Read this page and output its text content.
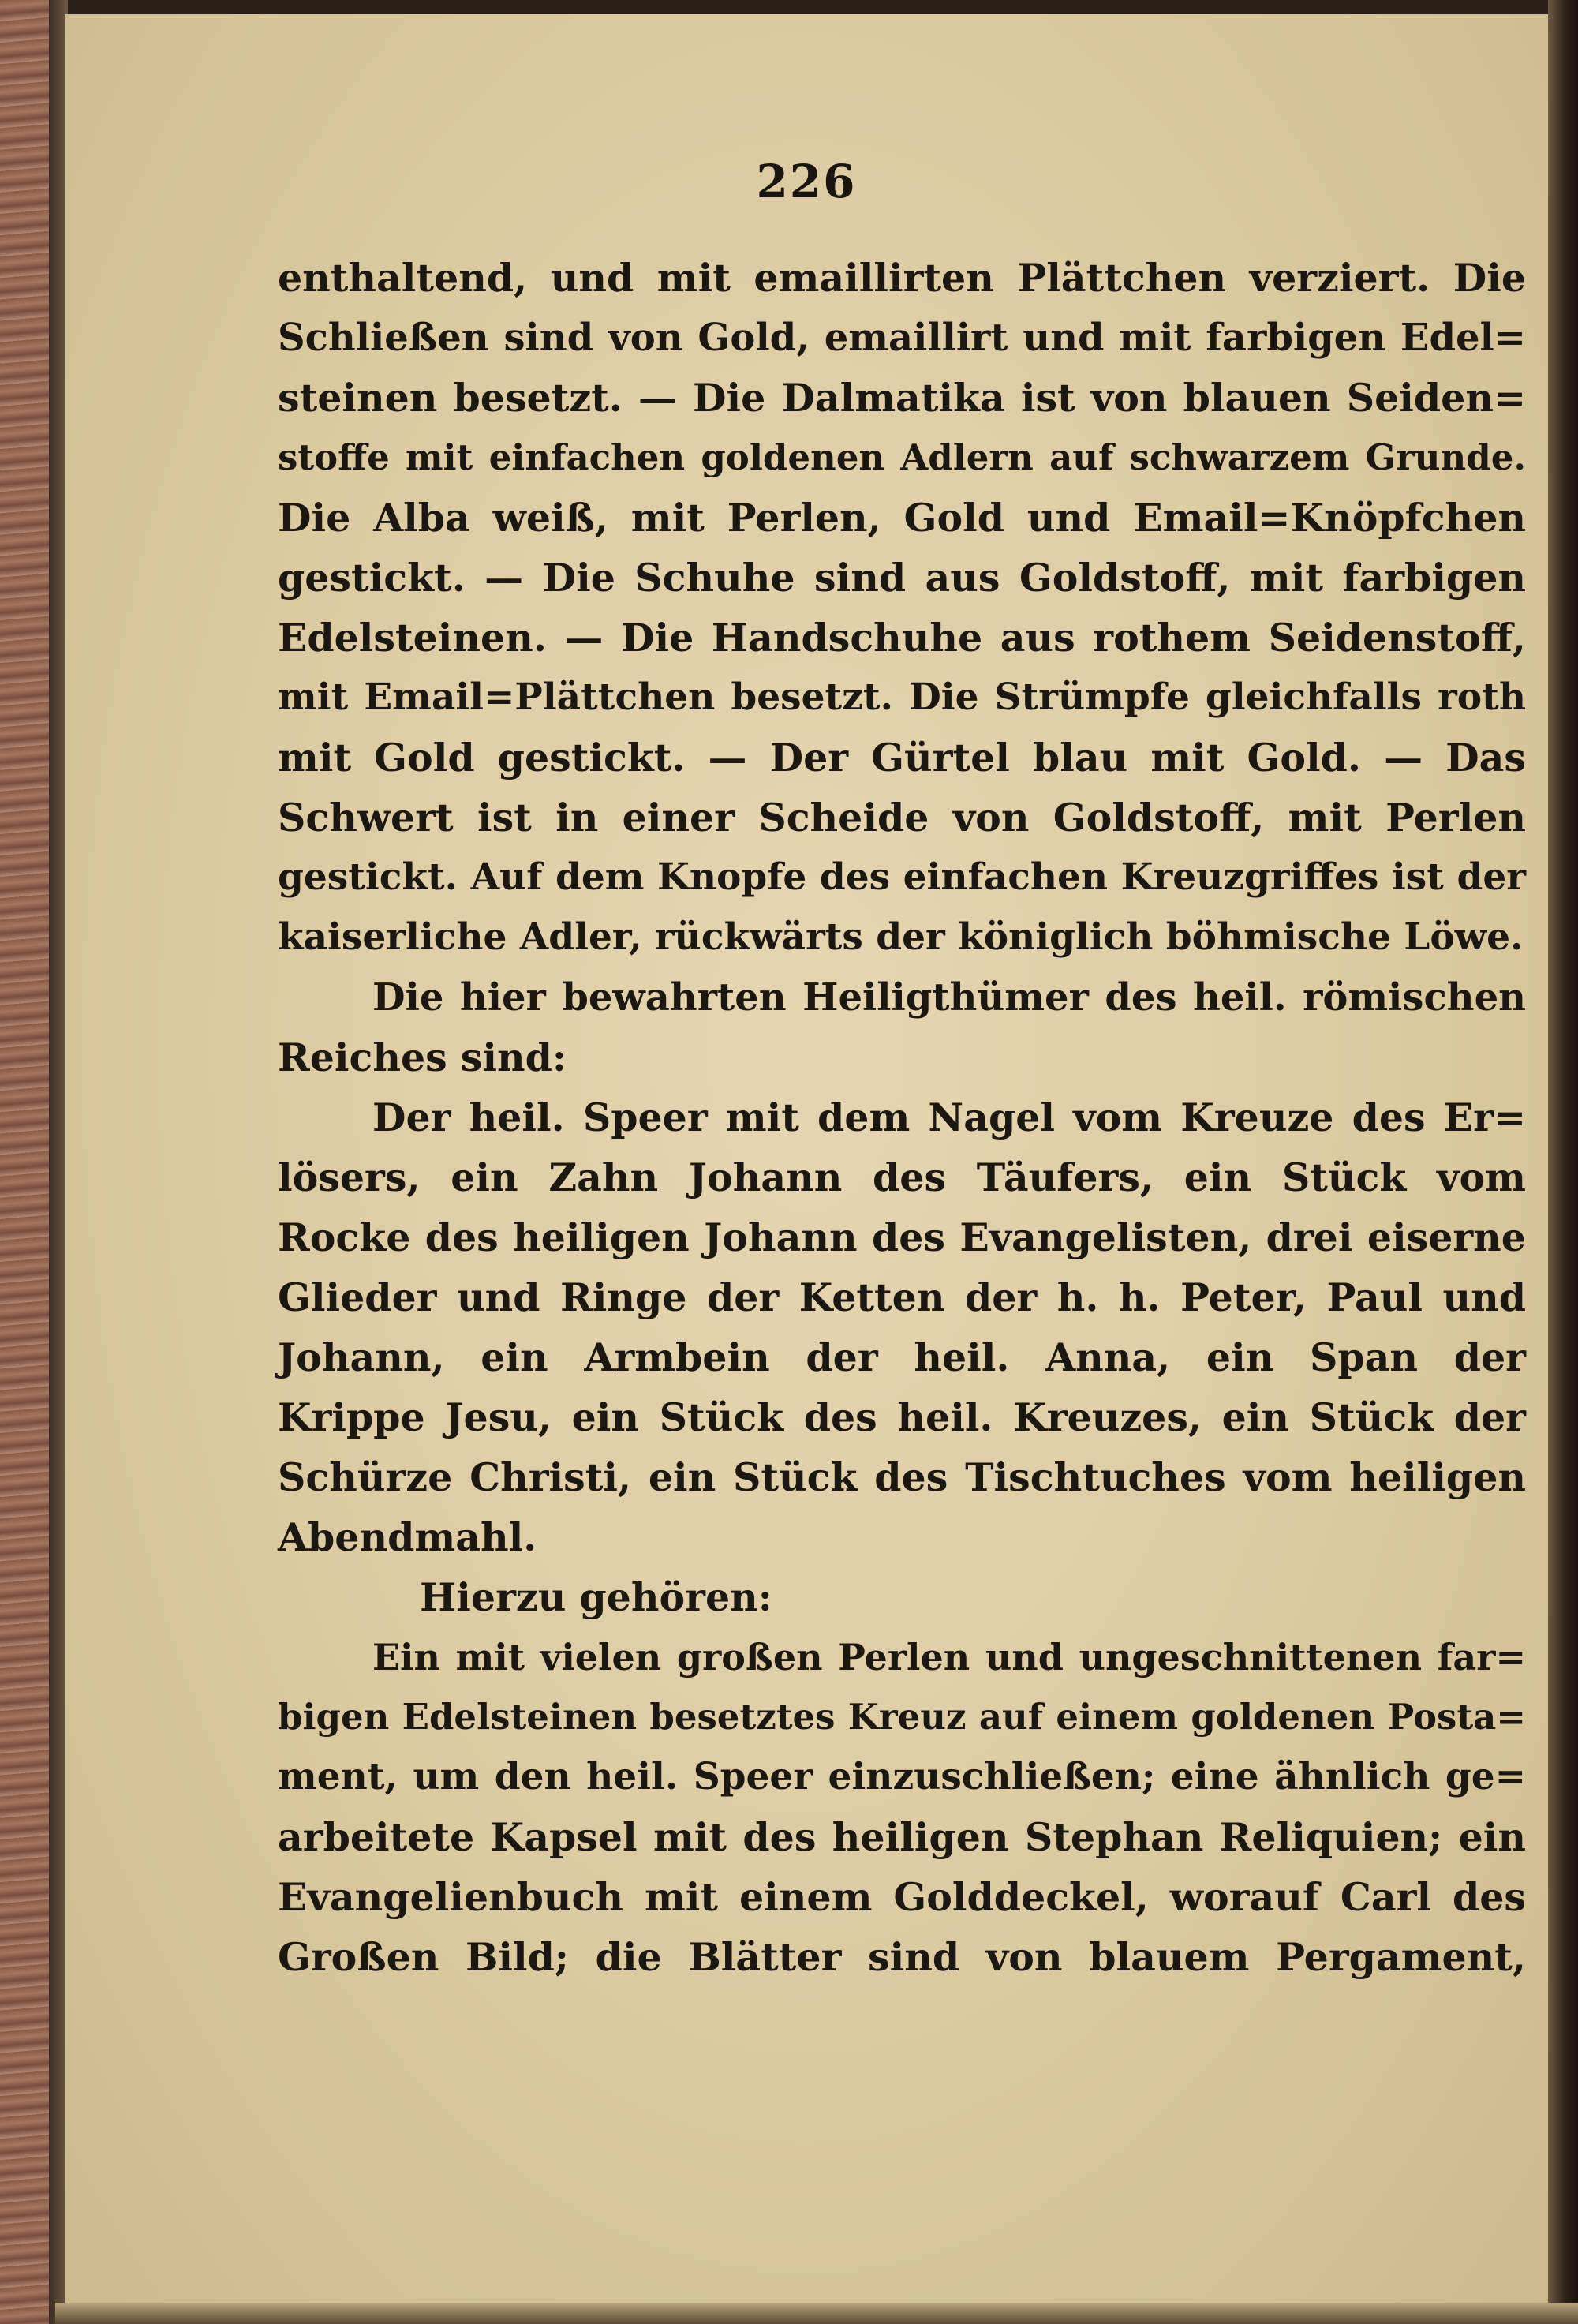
226
enthaltend, und mit emaillirten Plättchen verziert. Die
Schließen sind von Gold, emaillirt und mit farbigen Edel=
steinen besetzt. — Die Dalmatika ist von blauen Seiden=
stoffe mit einfachen goldenen Adlern auf schwarzem Grunde.
Die Alba weiß, mit Perlen, Gold und Email=Knöpfchen
gestickt. — Die Schuhe sind aus Goldstoff, mit farbigen
Edelsteinen. — Die Handschuhe aus rothem Seidenstoff,
mit Email=Plättchen besetzt. Die Strümpfe gleichfalls roth
mit Gold gestickt. — Der Gürtel blau mit Gold. — Das
Schwert ist in einer Scheide von Goldstoff, mit Perlen
gestickt. Auf dem Knopfe des einfachen Kreuzgriffes ist der
kaiserliche Adler, rückwärts der königlich böhmische Löwe.
Die hier bewahrten Heiligthümer des heil. römischen
Reiches sind:
Der heil. Speer mit dem Nagel vom Kreuze des Er=
lösers, ein Zahn Johann des Täufers, ein Stück vom
Rocke des heiligen Johann des Evangelisten, drei eiserne
Glieder und Ringe der Ketten der h. h. Peter, Paul und
Johann, ein Armbein der heil. Anna, ein Span der
Krippe Jesu, ein Stück des heil. Kreuzes, ein Stück der
Schürze Christi, ein Stück des Tischtuches vom heiligen
Abendmahl.
Hierzu gehören:
Ein mit vielen großen Perlen und ungeschnittenen far=
bigen Edelsteinen besetztes Kreuz auf einem goldenen Posta=
ment, um den heil. Speer einzuschließen; eine ähnlich ge=
arbeitete Kapsel mit des heiligen Stephan Reliquien; ein
Evangelienbuch mit einem Golddeckel, worauf Carl des
Großen Bild; die Blätter sind von blauem Pergament,
